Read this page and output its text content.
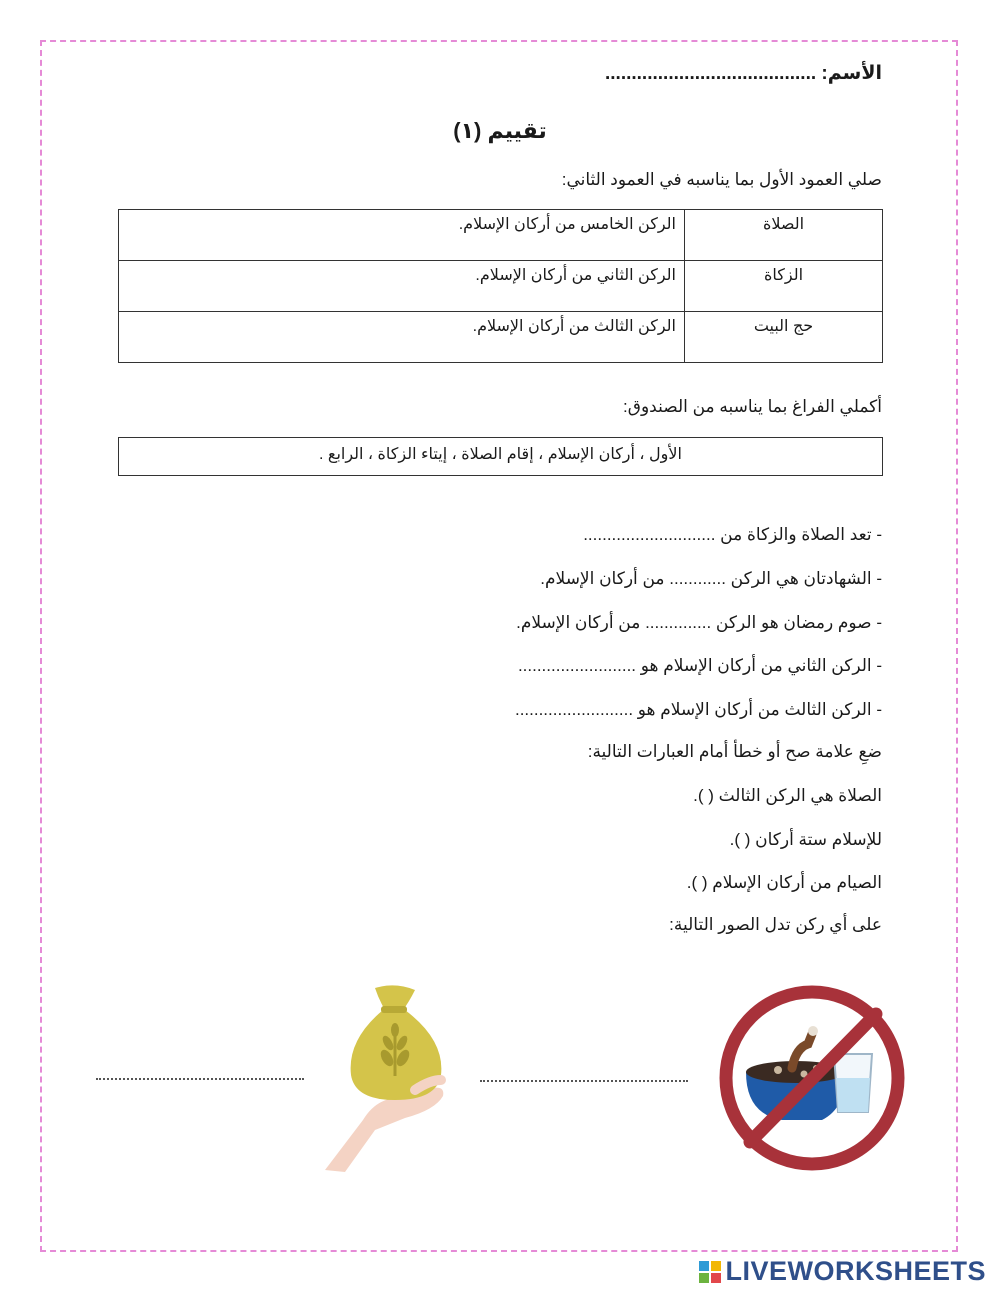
الأسم: ........................................
تقييم (١)
صلي العمود الأول بما يناسبه في العمود الثاني:
الصلاة	الركن الخامس من أركان الإسلام.
الزكاة	الركن الثاني من أركان الإسلام.
حج البيت	الركن الثالث من أركان الإسلام.
أكملي الفراغ بما يناسبه من الصندوق:
الأول ، أركان الإسلام ، إقام الصلاة ، إيتاء الزكاة ، الرابع .
- تعد الصلاة والزكاة من ............................
- الشهادتان هي الركن ............ من أركان الإسلام.
- صوم رمضان هو الركن .............. من أركان الإسلام.
- الركن الثاني من أركان الإسلام هو .........................
- الركن الثالث من أركان الإسلام هو .........................
ضعِ علامة صح أو خطأ أمام العبارات التالية:
الصلاة هي الركن الثالث ( ).
للإسلام ستة أركان ( ).
الصيام من أركان الإسلام ( ).
على أي ركن تدل الصور التالية:
LIVEWORKSHEETS
